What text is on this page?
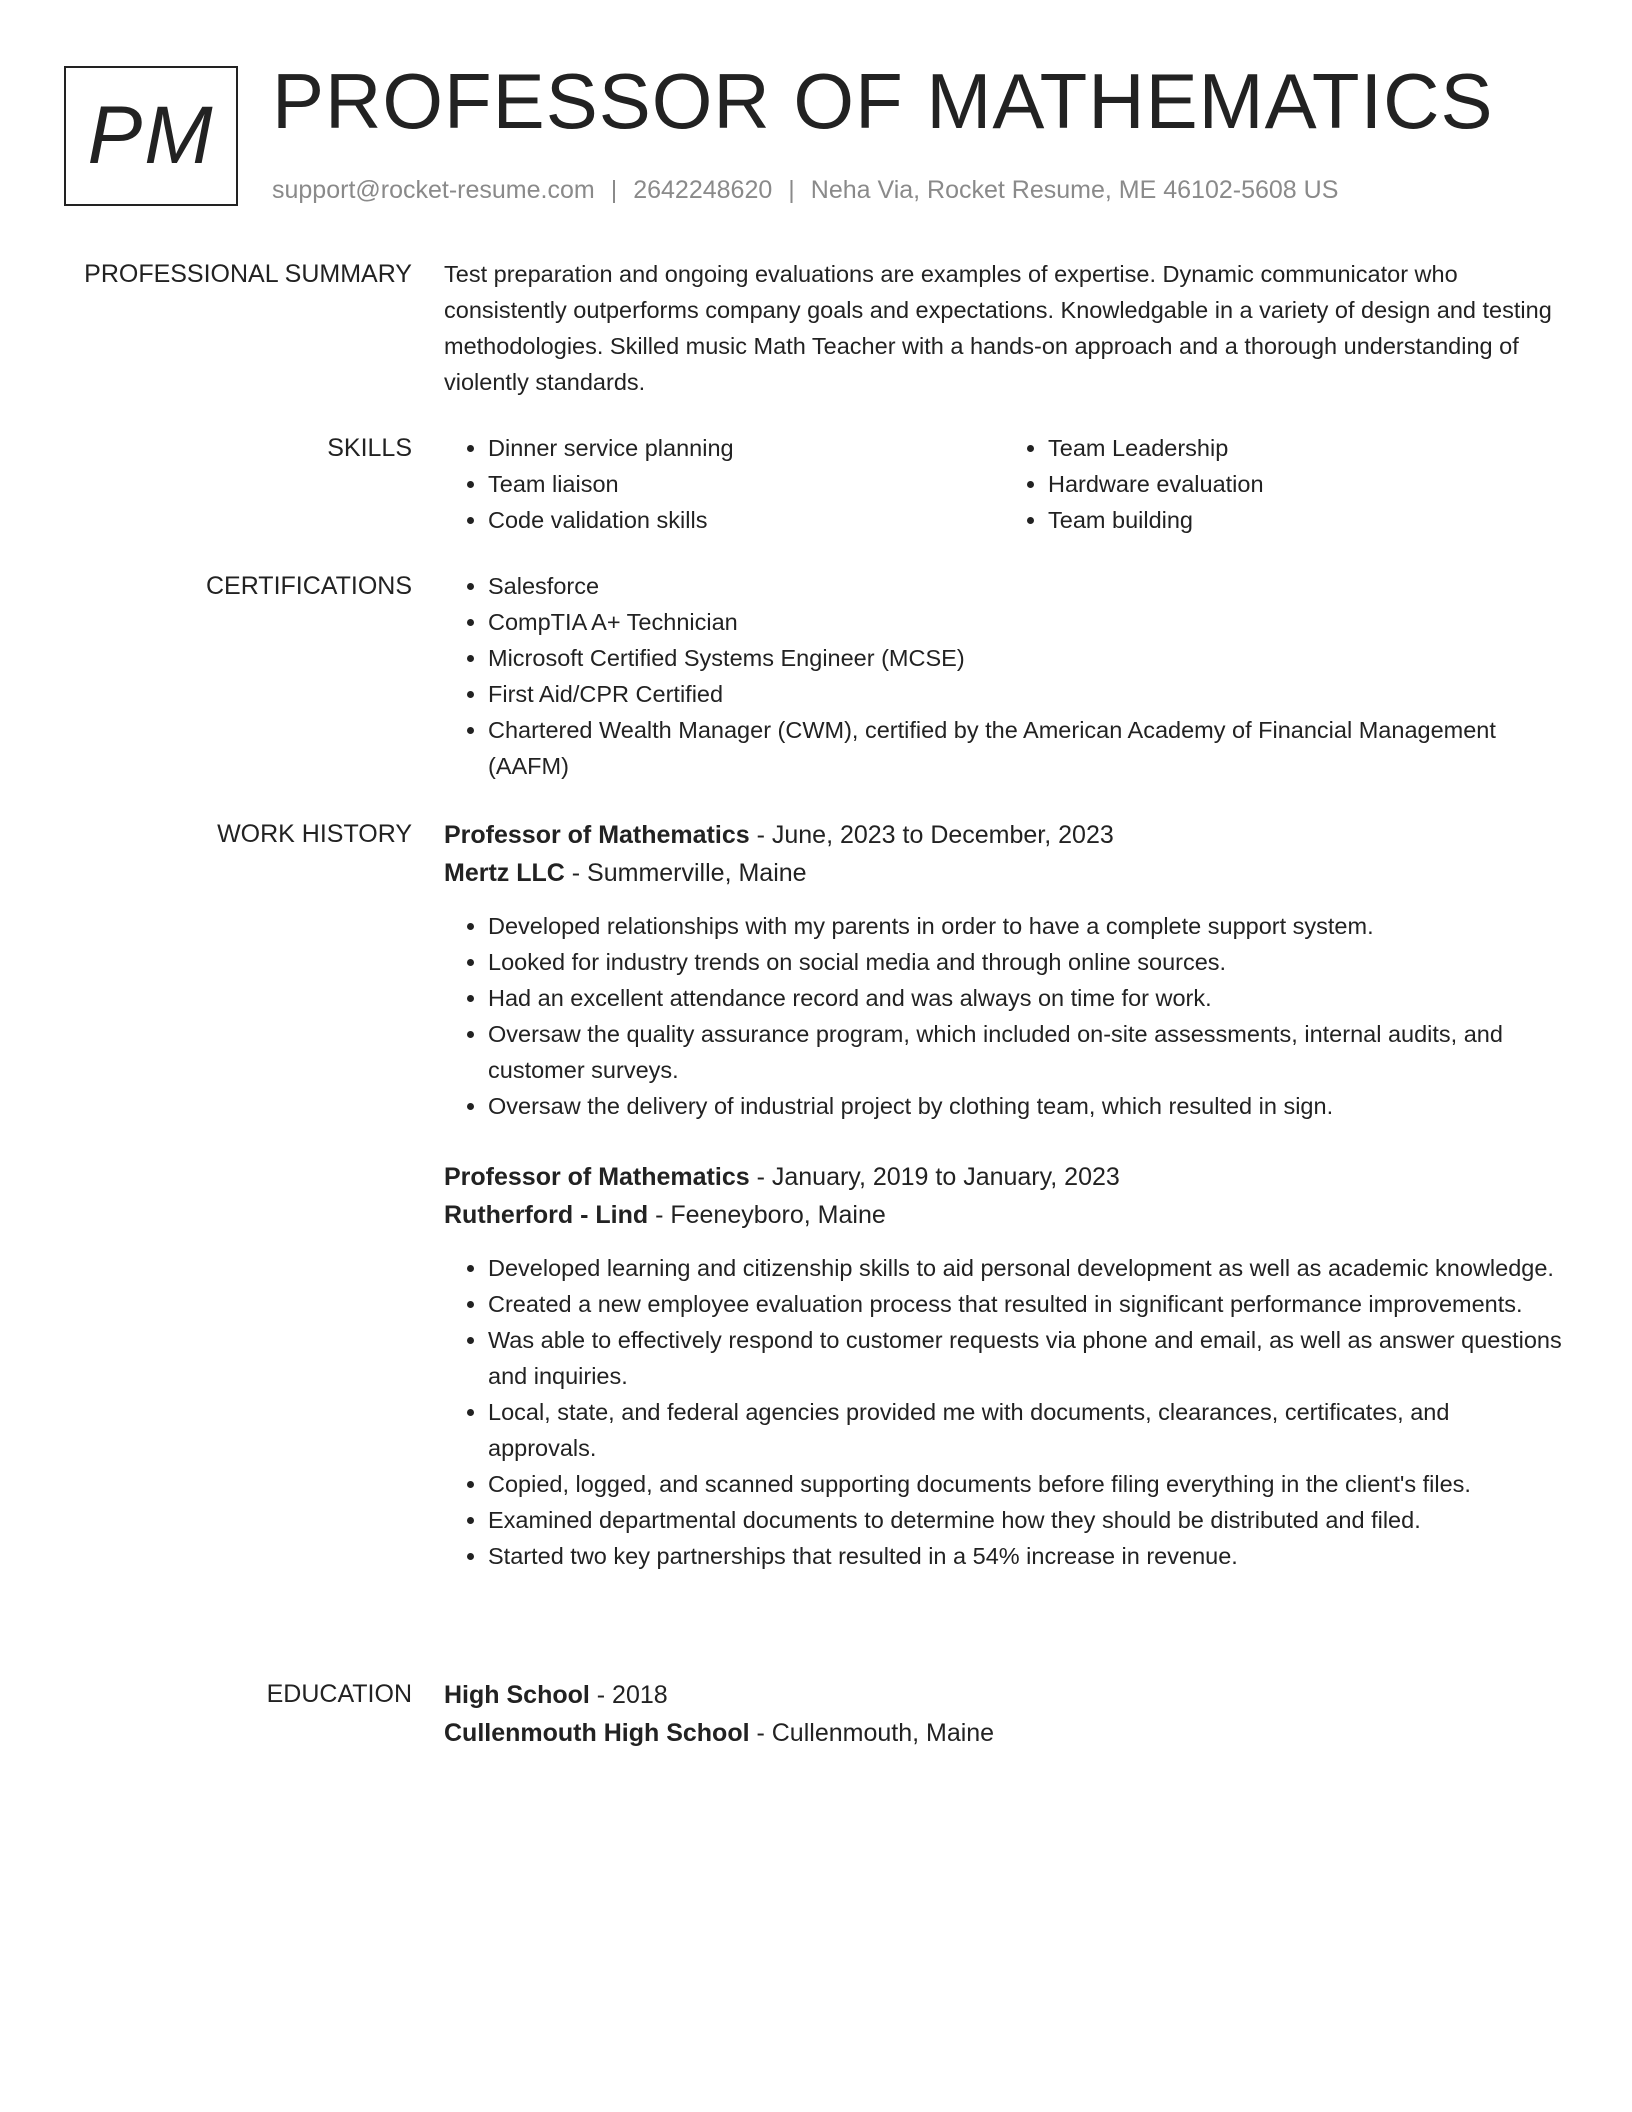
PM PROFESSOR OF MATHEMATICS
support@rocket-resume.com | 2642248620 | Neha Via, Rocket Resume, ME 46102-5608 US
PROFESSIONAL SUMMARY Test preparation and ongoing evaluations are examples of expertise. Dynamic communicator who consistently outperforms company goals and expectations. Knowledgable in a variety of design and testing methodologies. Skilled music Math Teacher with a hands-on approach and a thorough understanding of violently standards.

SKILLS	• Dinner service planning
• Team liaison
• Code validation skills
• Team Leadership
• Hardware evaluation
• Team building
CERTIFICATIONS	• Salesforce
• CompTIA A+ Technician
• Microsoft Certified Systems Engineer (MCSE)
• First Aid/CPR Certified
• Chartered Wealth Manager (CWM), certified by the American Academy of Financial Management (AAFM)
WORK HISTORY Professor of Mathematics - June, 2023 to December, 2023
Mertz LLC - Summerville, Maine
• Developed relationships with my parents in order to have a complete support system.
• Looked for industry trends on social media and through online sources.
• Had an excellent attendance record and was always on time for work.
• Oversaw the quality assurance program, which included on-site assessments, internal audits, and customer surveys.
• Oversaw the delivery of industrial project by clothing team, which resulted in sign.
Professor of Mathematics - January, 2019 to January, 2023
Rutherford - Lind - Feeneyboro, Maine
• Developed learning and citizenship skills to aid personal development as well as academic knowledge.
• Created a new employee evaluation process that resulted in significant performance improvements.
• Was able to effectively respond to customer requests via phone and email, as well as answer questions and inquiries.
• Local, state, and federal agencies provided me with documents, clearances, certificates, and approvals.
• Copied, logged, and scanned supporting documents before filing everything in the client's files.
• Examined departmental documents to determine how they should be distributed and filed.
• Started two key partnerships that resulted in a 54% increase in revenue.
EDUCATION High School - 2018
Cullenmouth High School - Cullenmouth, Maine
